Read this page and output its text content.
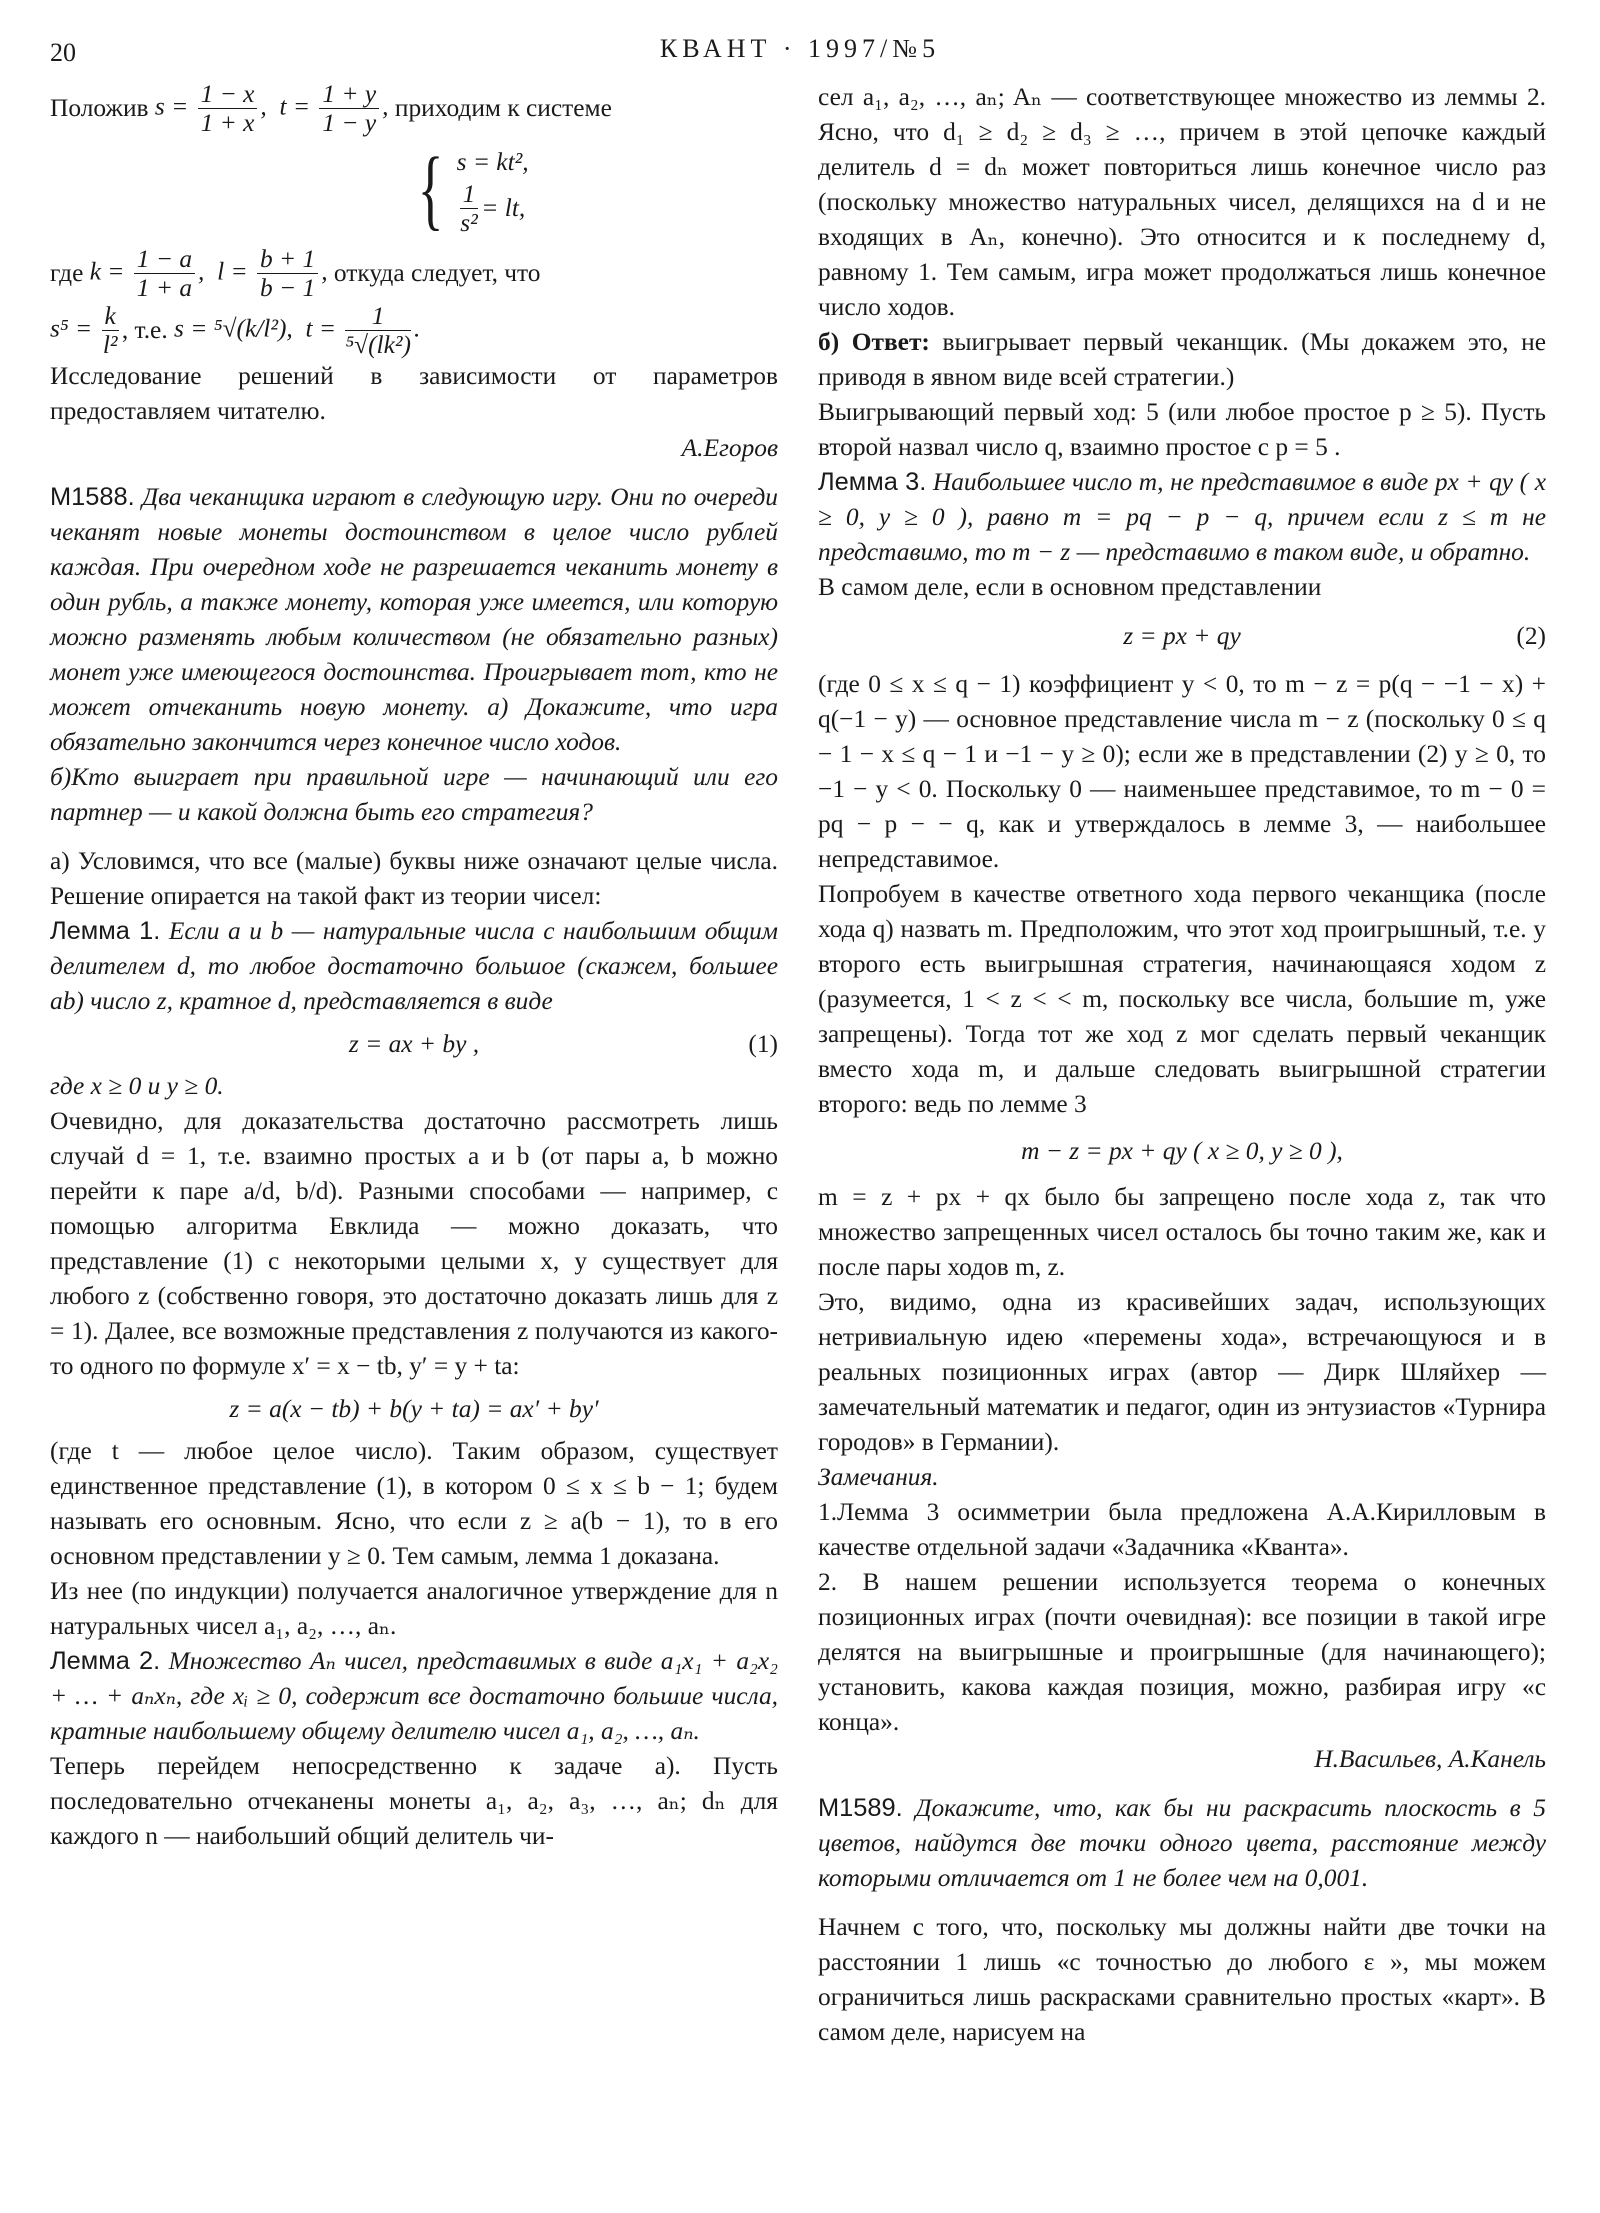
20	КВАНТ · 1997/№5

Положив $s = \frac{1 - x}{1 + x}$ ,  $t = \frac{1 + y}{1 - y}$ , приходим к системе

{ s = kt²,
$\frac{1}{\text{s²}}$ = lt,

где $k = \frac{1 - a}{1 + a}$ ,  $l = \frac{b + 1}{b - 1}$ , откуда следует, что

$s^5 = \frac{k}{\text{l²}}$ , т.е. s = ⁵√(k/l²),  $t = \frac{1}{\text{⁵√(lk²)}}$ .

Исследование решений в зависимости от параметров предоставляем читателю.

А.Егоров

М1588. Два чеканщика играют в следующую игру. Они по очереди чеканят новые монеты достоинством в целое число рублей каждая. При очередном ходе не разрешается чеканить монету в один рубль, а также монету, которая уже имеется, или которую можно разменять любым количеством (не обязательно разных) монет уже имеющегося достоинства. Проигрывает тот, кто не может отчеканить новую монету. а) Докажите, что игра обязательно закончится через конечное число ходов.

б)Кто выиграет при правильной игре — начинающий или его партнер — и какой должна быть его стратегия?

а) Условимся, что все (малые) буквы ниже означают целые числа. Решение опирается на такой факт из теории чисел:

Лемма 1. Если a и b — натуральные числа с наибольшим общим делителем d, то любое достаточно большое (скажем, большее ab) число z, кратное d, представляется в виде

z = ax + by ,	(1)

где x ≥ 0 и y ≥ 0.

Очевидно, для доказательства достаточно рассмотреть лишь случай d = 1, т.е. взаимно простых a и b (от пары a, b можно перейти к паре a/d, b/d). Разными способами — например, с помощью алгоритма Евклида — можно доказать, что представление (1) с некоторыми целыми x, y существует для любого z (собственно говоря, это достаточно доказать лишь для z = 1). Далее, все возможные представления z получаются из какого-то одного по формуле x′ = x − tb, y′ = y + ta:

z = a(x − tb) + b(y + ta) = ax′ + by′

(где t — любое целое число). Таким образом, существует единственное представление (1), в котором 0 ≤ x ≤ b − 1; будем называть его основным. Ясно, что если z ≥ a(b − 1), то в его основном представлении y ≥ 0. Тем самым, лемма 1 доказана.

Из нее (по индукции) получается аналогичное утверждение для n натуральных чисел a₁, a₂, …, aₙ.

Лемма 2. Множество Aₙ чисел, представимых в виде a₁x₁ + a₂x₂ + … + aₙxₙ, где xᵢ ≥ 0, содержит все достаточно большие числа, кратные наибольшему общему делителю чисел a₁, a₂, …, aₙ.

Теперь перейдем непосредственно к задаче а). Пусть последовательно отчеканены монеты a₁, a₂, a₃, …, aₙ; dₙ для каждого n — наибольший общий делитель чи-

сел a₁, a₂, …, aₙ; Aₙ — соответствующее множество из леммы 2. Ясно, что d₁ ≥ d₂ ≥ d₃ ≥ …, причем в этой цепочке каждый делитель d = dₙ может повториться лишь конечное число раз (поскольку множество натуральных чисел, делящихся на d и не входящих в Aₙ, конечно). Это относится и к последнему d, равному 1. Тем самым, игра может продолжаться лишь конечное число ходов.

б) Ответ: выигрывает первый чеканщик. (Мы докажем это, не приводя в явном виде всей стратегии.)

Выигрывающий первый ход: 5 (или любое простое p ≥ 5). Пусть второй назвал число q, взаимно простое с p = 5 .

Лемма 3. Наибольшее число m, не представимое в виде px + qy ( x ≥ 0, y ≥ 0 ), равно m = pq − p − q, причем если z ≤ m не представимо, то m − z — представимо в таком виде, и обратно.

В самом деле, если в основном представлении

z = px + qy	(2)

(где 0 ≤ x ≤ q − 1) коэффициент y < 0, то m − z = p(q − −1 − x) + q(−1 − y) — основное представление числа m − z (поскольку 0 ≤ q − 1 − x ≤ q − 1 и −1 − y ≥ 0); если же в представлении (2) y ≥ 0, то −1 − y < 0. Поскольку 0 — наименьшее представимое, то m − 0 = pq − p − − q, как и утверждалось в лемме 3, — наибольшее непредставимое.

Попробуем в качестве ответного хода первого чеканщика (после хода q) назвать m. Предположим, что этот ход проигрышный, т.е. у второго есть выигрышная стратегия, начинающаяся ходом z (разумеется, 1 < z < < m, поскольку все числа, большие m, уже запрещены). Тогда тот же ход z мог сделать первый чеканщик вместо хода m, и дальше следовать выигрышной стратегии второго: ведь по лемме 3

m − z = px + qy ( x ≥ 0, y ≥ 0 ),

m = z + px + qx было бы запрещено после хода z, так что множество запрещенных чисел осталось бы точно таким же, как и после пары ходов m, z.

Это, видимо, одна из красивейших задач, использующих нетривиальную идею «перемены хода», встречающуюся и в реальных позиционных играх (автор — Дирк Шляйхер — замечательный математик и педагог, один из энтузиастов «Турнира городов» в Германии).

Замечания.

1.Лемма 3 осимметрии была предложена А.А.Кирилловым в качестве отдельной задачи «Задачника «Кванта».

2. В нашем решении используется теорема о конечных позиционных играх (почти очевидная): все позиции в такой игре делятся на выигрышные и проигрышные (для начинающего); установить, какова каждая позиция, можно, разбирая игру «с конца».

Н.Васильев, А.Канель

М1589. Докажите, что, как бы ни раскрасить плоскость в 5 цветов, найдутся две точки одного цвета, расстояние между которыми отличается от 1 не более чем на 0,001.

Начнем с того, что, поскольку мы должны найти две точки на расстоянии 1 лишь «с точностью до любого ε », мы можем ограничиться лишь раскрасками сравнительно простых «карт». В самом деле, нарисуем на
